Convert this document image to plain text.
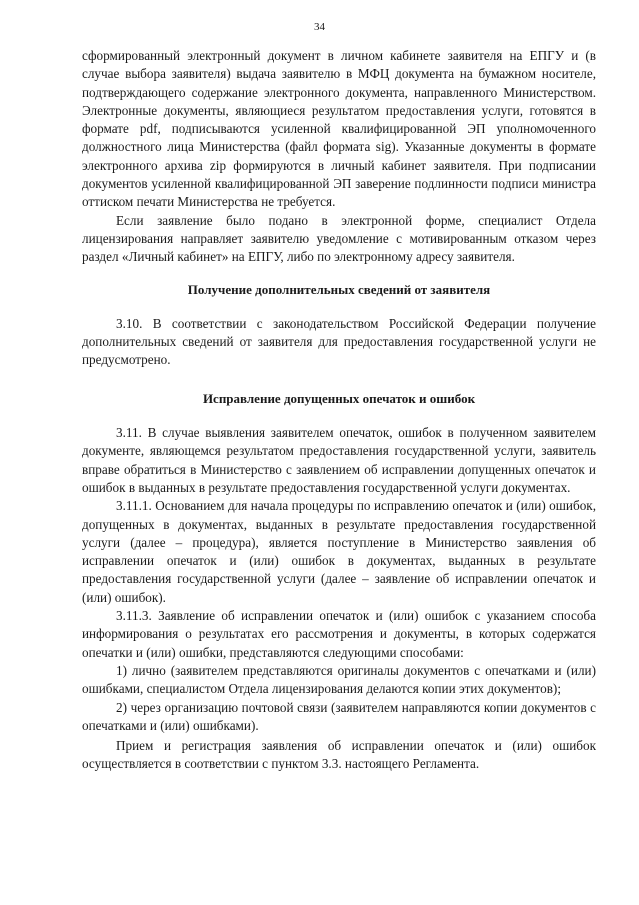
34

сформированный электронный документ в личном кабинете заявителя на ЕПГУ и (в случае выбора заявителя) выдача заявителю в МФЦ документа на бумажном носителе, подтверждающего содержание электронного документа, направленного Министерством. Электронные документы, являющиеся результатом предоставления услуги, готовятся в формате pdf, подписываются усиленной квалифицированной ЭП уполномоченного должностного лица Министерства (файл формата sig). Указанные документы в формате электронного архива zip формируются в личный кабинет заявителя. При подписании документов усиленной квалифицированной ЭП заверение подлинности подписи министра оттиском печати Министерства не требуется.

Если заявление было подано в электронной форме, специалист Отдела лицензирования направляет заявителю уведомление с мотивированным отказом через раздел «Личный кабинет» на ЕПГУ, либо по электронному адресу заявителя.

Получение дополнительных сведений от заявителя

3.10. В соответствии с законодательством Российской Федерации получение дополнительных сведений от заявителя для предоставления государственной услуги не предусмотрено.

Исправление допущенных опечаток и ошибок

3.11. В случае выявления заявителем опечаток, ошибок в полученном заявителем документе, являющемся результатом предоставления государственной услуги, заявитель вправе обратиться в Министерство с заявлением об исправлении допущенных опечаток и ошибок в выданных в результате предоставления государственной услуги документах.

3.11.1. Основанием для начала процедуры по исправлению опечаток и (или) ошибок, допущенных в документах, выданных в результате предоставления государственной услуги (далее – процедура), является поступление в Министерство заявления об исправлении опечаток и (или) ошибок в документах, выданных в результате предоставления государственной услуги (далее – заявление об исправлении опечаток и (или) ошибок).

3.11.3. Заявление об исправлении опечаток и (или) ошибок с указанием способа информирования о результатах его рассмотрения и документы, в которых содержатся опечатки и (или) ошибки, представляются следующими способами:

1) лично (заявителем представляются оригиналы документов с опечатками и (или) ошибками, специалистом Отдела лицензирования делаются копии этих документов);

2) через организацию почтовой связи (заявителем направляются копии документов с опечатками и (или) ошибками).

Прием и регистрация заявления об исправлении опечаток и (или) ошибок осуществляется в соответствии с пунктом 3.3. настоящего Регламента.
